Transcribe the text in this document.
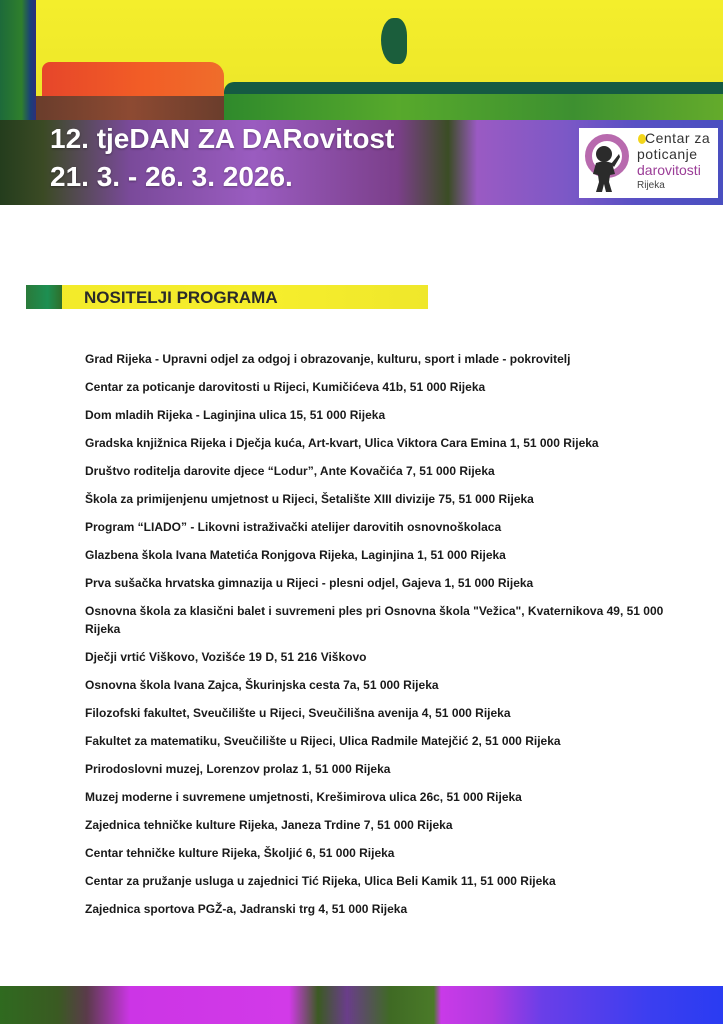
12. tjeDAN ZA DARovitost
21. 3. - 26. 3. 2026.
Centar za
poticanje
darovitosti
Rijeka
NOSITELJI PROGRAMA
Grad Rijeka - Upravni odjel za odgoj i obrazovanje, kulturu, sport i mlade - pokrovitelj
Centar za poticanje darovitosti u Rijeci, Kumičićeva 41b, 51 000 Rijeka
Dom mladih Rijeka - Laginjina ulica 15, 51 000 Rijeka
Gradska knjižnica Rijeka i Dječja kuća, Art-kvart, Ulica Viktora Cara Emina 1, 51 000 Rijeka
Društvo roditelja darovite djece “Lodur”, Ante Kovačića 7, 51 000 Rijeka
Škola za primijenjenu umjetnost u Rijeci, Šetalište XIII divizije 75, 51 000 Rijeka
Program “LIADO” - Likovni istraživački atelijer darovitih osnovnoškolaca
Glazbena škola Ivana Matetića Ronjgova Rijeka, Laginjina 1, 51 000 Rijeka
Prva sušačka hrvatska gimnazija u Rijeci - plesni odjel, Gajeva 1, 51 000 Rijeka
Osnovna škola za klasični balet i suvremeni ples pri Osnovna škola "Vežica", Kvaternikova 49, 51 000 Rijeka
Dječji vrtić Viškovo, Vozišće 19 D, 51 216 Viškovo
Osnovna škola Ivana Zajca, Škurinjska cesta 7a, 51 000 Rijeka
Filozofski fakultet, Sveučilište u Rijeci, Sveučilišna avenija 4, 51 000 Rijeka
Fakultet za matematiku, Sveučilište u Rijeci, Ulica Radmile Matejčić 2, 51 000 Rijeka
Prirodoslovni muzej, Lorenzov prolaz 1, 51 000 Rijeka
Muzej moderne i suvremene umjetnosti, Krešimirova ulica 26c, 51 000 Rijeka
Zajednica tehničke kulture Rijeka, Janeza Trdine 7, 51 000 Rijeka
Centar tehničke kulture Rijeka, Školjić 6, 51 000 Rijeka
Centar za pružanje usluga u zajednici Tić Rijeka, Ulica Beli Kamik 11, 51 000 Rijeka
Zajednica sportova PGŽ-a, Jadranski trg 4, 51 000 Rijeka
